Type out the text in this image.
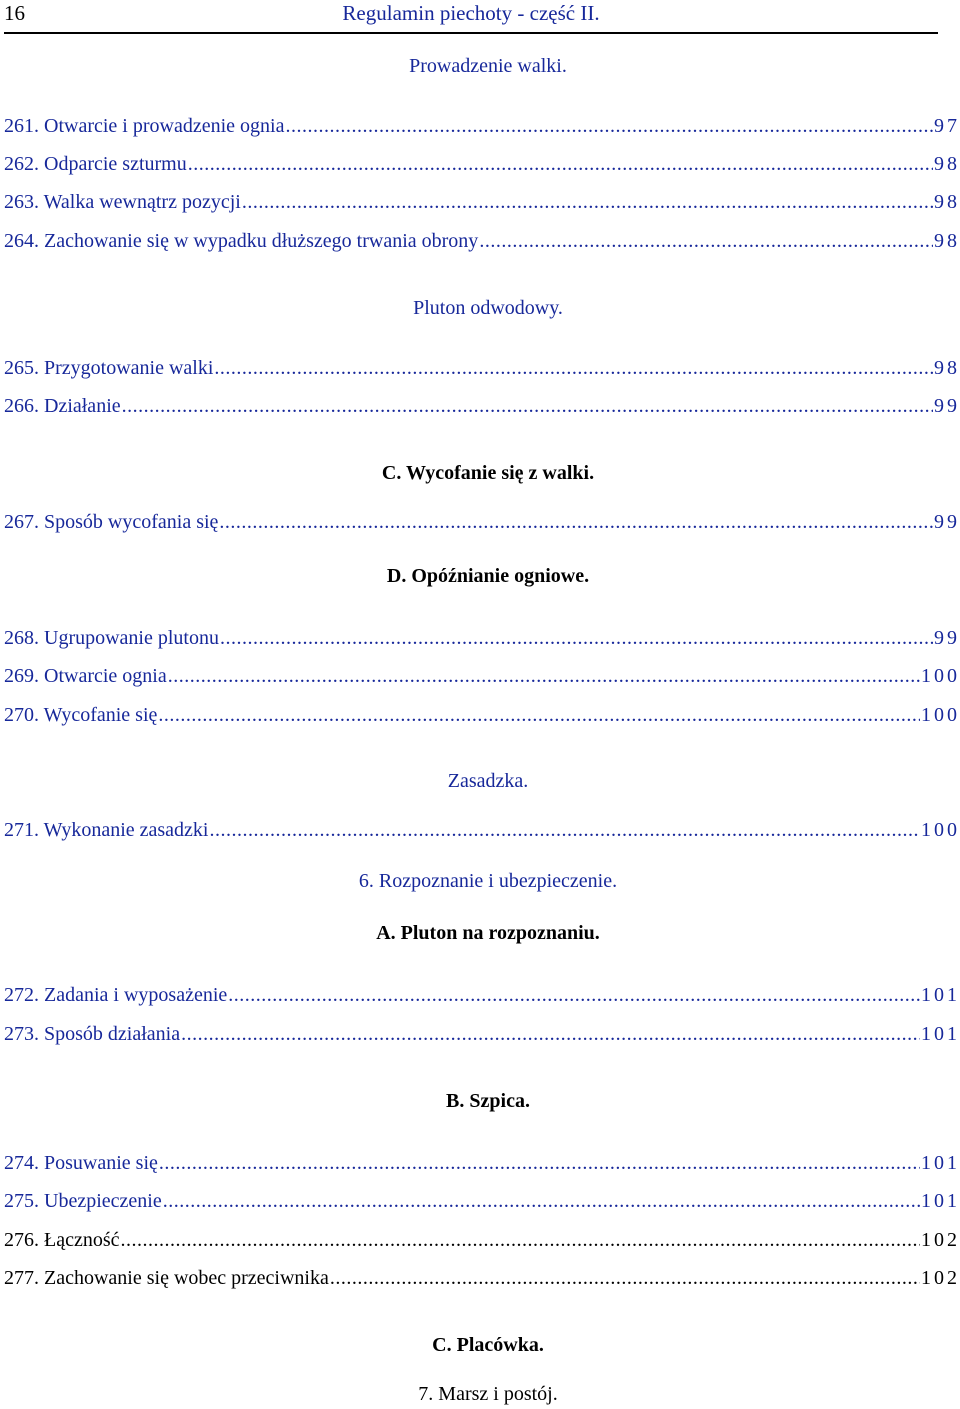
16	Regulamin piechoty - część II.
Prowadzenie walki.
261. Otwarcie i prowadzenie ognia .....	97
262. Odparcie szturmu .....	98
263. Walka wewnątrz pozycji .....	98
264. Zachowanie się w wypadku dłuższego trwania obrony .....	98
Pluton odwodowy.
265. Przygotowanie walki .....	98
266. Działanie .....	99
C. Wycofanie się z walki.
267. Sposób wycofania się .....	99
D. Opóźnianie ogniowe.
268. Ugrupowanie plutonu .....	99
269. Otwarcie ognia .....	100
270. Wycofanie się .....	100
Zasadzka.
271. Wykonanie zasadzki .....	100
6. Rozpoznanie i ubezpieczenie.
A. Pluton na rozpoznaniu.
272. Zadania i wyposażenie .....	101
273. Sposób działania .....	101
B. Szpica.
274. Posuwanie się .....	101
275. Ubezpieczenie .....	101
276. Łączność .....	102
277. Zachowanie się wobec przeciwnika .....	102
C. Placówka.
7. Marsz i postój.
